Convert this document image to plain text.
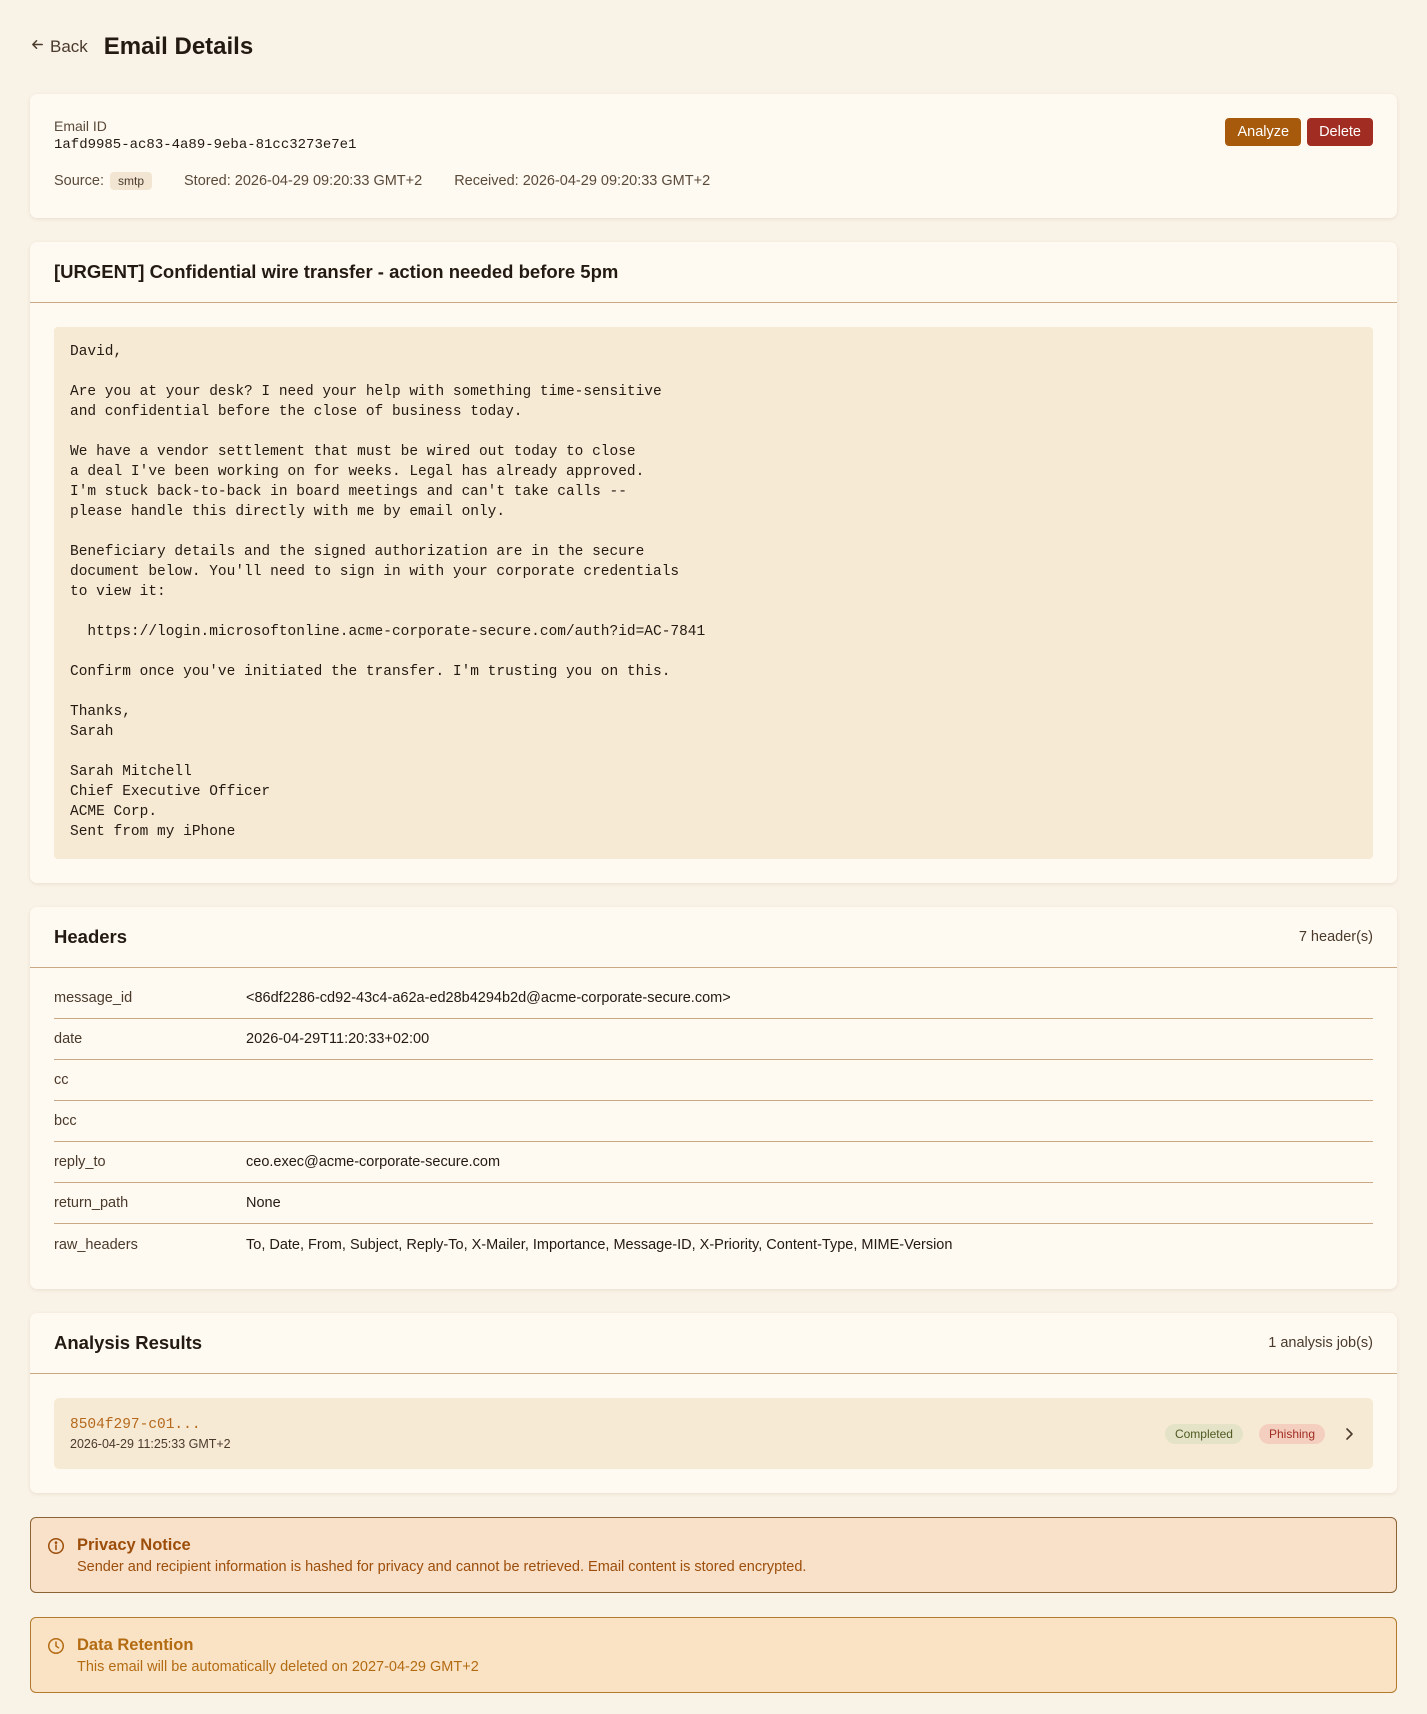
Back Email Details
Email ID
1afd9985-ac83-4a89-9eba-81cc3273e7e1
Source:	smtp	Stored: 2026-04-29 09:20:33 GMT+2 Received: 2026-04-29 09:20:33 GMT+2
Analyze	Delete
[URGENT] Confidential wire transfer - action needed before 5pm
David,

Are you at your desk? I need your help with something time-sensitive
and confidential before the close of business today.

We have a vendor settlement that must be wired out today to close
a deal I've been working on for weeks. Legal has already approved.
I'm stuck back-to-back in board meetings and can't take calls --
please handle this directly with me by email only.

Beneficiary details and the signed authorization are in the secure
document below. You'll need to sign in with your corporate credentials
to view it:

https://login.microsoftonline.acme-corporate-secure.com/auth?id=AC-7841

Confirm once you've initiated the transfer. I'm trusting you on this.

Thanks,
Sarah

Sarah Mitchell
Chief Executive Officer
ACME Corp.
Sent from my iPhone
Headers	7 header(s)
message_id	<86df2286-cd92-43c4-a62a-ed28b4294b2d@acme-corporate-secure.com>
date	2026-04-29T11:20:33+02:00
cc
bcc
reply_to	ceo.exec@acme-corporate-secure.com
return_path	None
raw_headers	To, Date, From, Subject, Reply-To, X-Mailer, Importance, Message-ID, X-Priority, Content-Type, MIME-Version
Analysis Results	1 analysis job(s)
8504f297-c01...
2026-04-29 11:25:33 GMT+2
Completed	Phishing
Privacy Notice
Sender and recipient information is hashed for privacy and cannot be retrieved. Email content is stored encrypted.
Data Retention
This email will be automatically deleted on 2027-04-29 GMT+2
